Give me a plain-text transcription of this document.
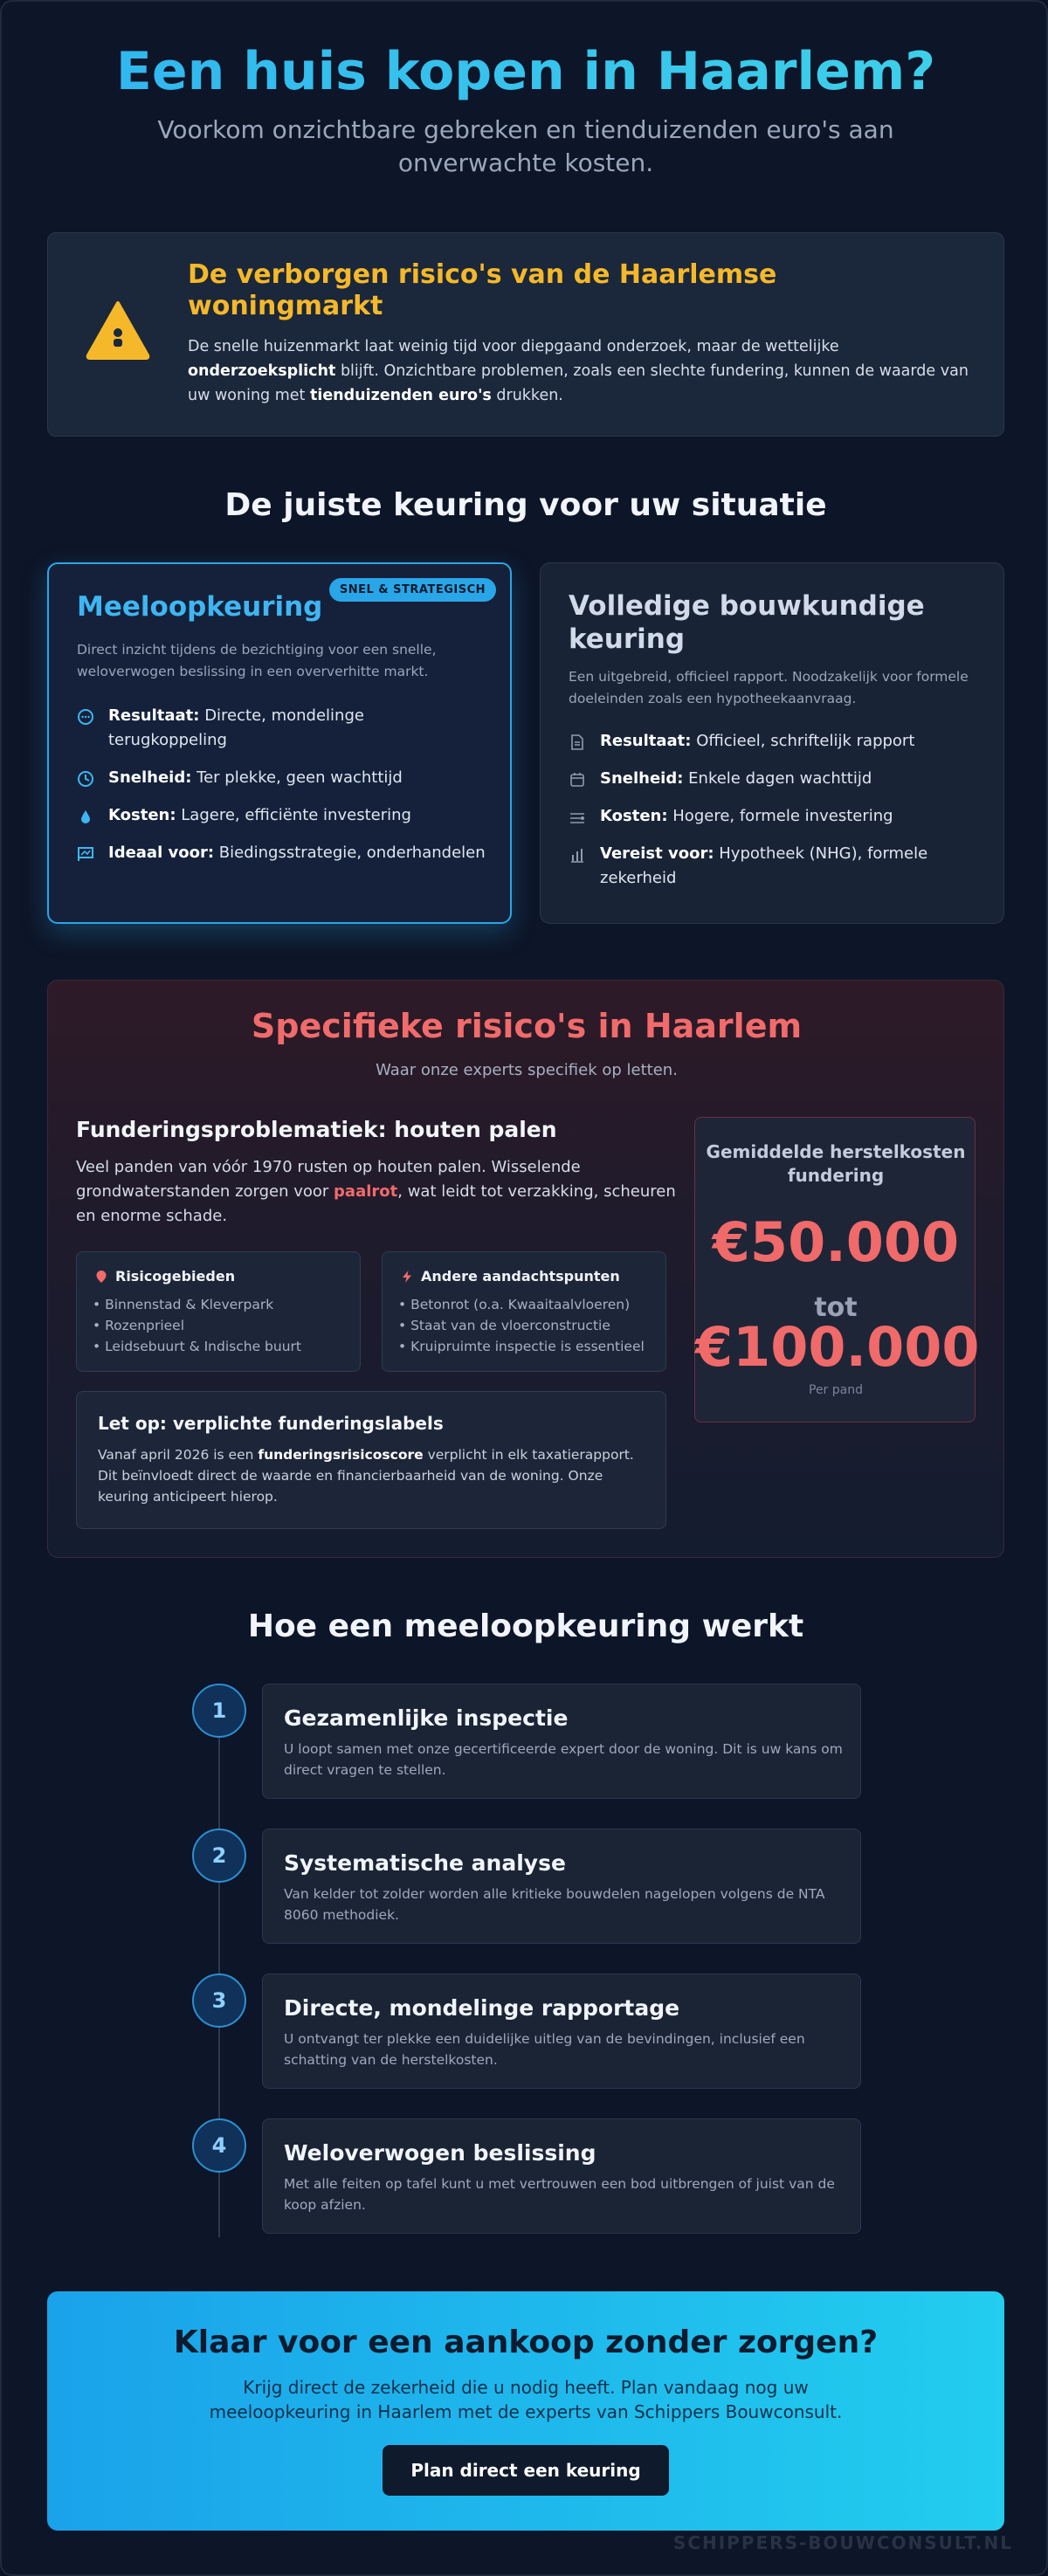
Een huis kopen in Haarlem?

Voorkom onzichtbare gebreken en tienduizenden euro's aan onverwachte kosten.

De verborgen risico's van de Haarlemse woningmarkt

De snelle huizenmarkt laat weinig tijd voor diepgaand onderzoek, maar de wettelijke onderzoeksplicht blijft. Onzichtbare problemen, zoals een slechte fundering, kunnen de waarde van uw woning met tienduizenden euro's drukken.

De juiste keuring voor uw situatie
SNEL & STRATEGISCH
Meeloopkeuring

Direct inzicht tijdens de bezichtiging voor een snelle, weloverwogen beslissing in een oververhitte markt.

Resultaat: Directe, mondelinge terugkoppeling
Snelheid: Ter plekke, geen wachttijd
Kosten: Lagere, efficiënte investering
Ideaal voor: Biedingsstrategie, onderhandelen
Volledige bouwkundige keuring

Een uitgebreid, officieel rapport. Noodzakelijk voor formele doeleinden zoals een hypotheekaanvraag.

Resultaat: Officieel, schriftelijk rapport
Snelheid: Enkele dagen wachttijd
Kosten: Hogere, formele investering
Vereist voor: Hypotheek (NHG), formele zekerheid
Specifieke risico's in Haarlem
Waar onze experts specifiek op letten.
Funderingsproblematiek: houten palen

Veel panden van vóór 1970 rusten op houten palen. Wisselende grondwaterstanden zorgen voor paalrot, wat leidt tot verzakking, scheuren en enorme schade.

Risicogebieden
• Binnenstad & Kleverpark
• Rozenprieel
• Leidsebuurt & Indische buurt
Andere aandachtspunten
• Betonrot (o.a. Kwaaitaalvloeren)
• Staat van de vloerconstructie
• Kruipruimte inspectie is essentieel
Let op: verplichte funderingslabels

Vanaf april 2026 is een funderingsrisicoscore verplicht in elk taxatierapport. Dit beïnvloedt direct de waarde en financierbaarheid van de woning. Onze keuring anticipeert hierop.

Gemiddelde herstelkosten fundering
€50.000
tot
€100.000
Per pand
Hoe een meeloopkeuring werkt
1	Gezamenlijke inspectie
U loopt samen met onze gecertificeerde expert door de woning. Dit is uw kans om direct vragen te stellen.
2	Systematische analyse
Van kelder tot zolder worden alle kritieke bouwdelen nagelopen volgens de NTA 8060 methodiek.
3	Directe, mondelinge rapportage
U ontvangt ter plekke een duidelijke uitleg van de bevindingen, inclusief een schatting van de herstelkosten.
4	Weloverwogen beslissing
Met alle feiten op tafel kunt u met vertrouwen een bod uitbrengen of juist van de koop afzien.
Klaar voor een aankoop zonder zorgen?

Krijg direct de zekerheid die u nodig heeft. Plan vandaag nog uw meeloopkeuring in Haarlem met de experts van Schippers Bouwconsult.

Plan direct een keuring
SCHIPPERS-BOUWCONSULT.NL
